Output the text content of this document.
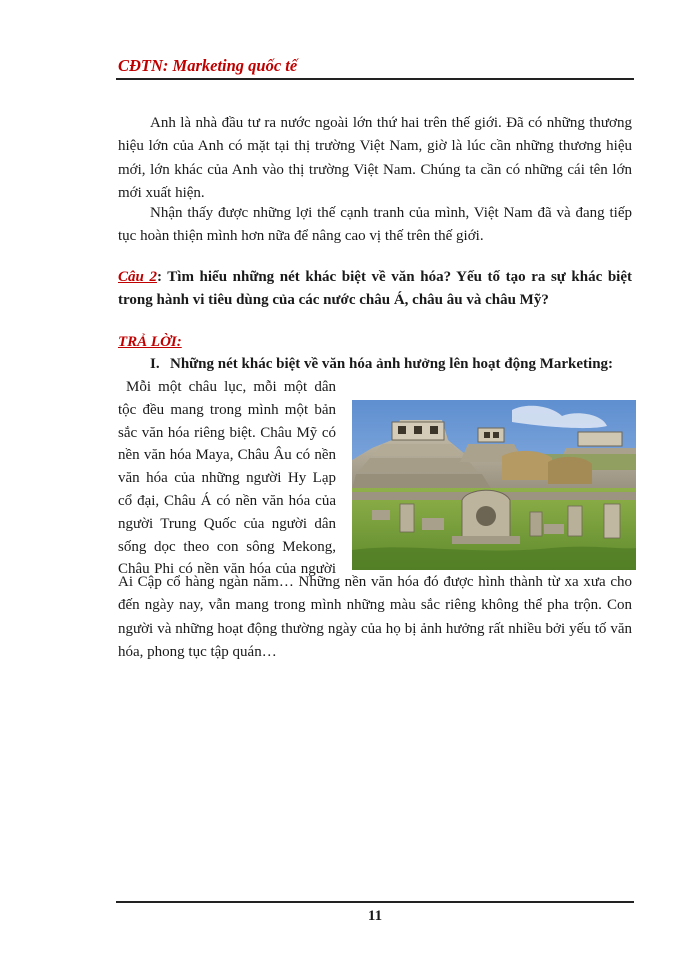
CĐTN: Marketing quốc tế

Anh là nhà đầu tư ra nước ngoài lớn thứ hai trên thế giới. Đã có những thương hiệu lớn của Anh có mặt tại thị trường Việt Nam, giờ là lúc cần những thương hiệu mới, lớn khác của Anh vào thị trường Việt Nam. Chúng ta cần có những cái tên lớn mới xuất hiện.

Nhận thấy được những lợi thế cạnh tranh của mình, Việt Nam đã và đang tiếp tục hoàn thiện mình hơn nữa để nâng cao vị thế trên thế giới.

Câu 2: Tìm hiểu những nét khác biệt về văn hóa? Yếu tố tạo ra sự khác biệt trong hành vi tiêu dùng của các nước châu Á, châu âu và châu Mỹ?

TRẢ LỜI:

I. Những nét khác biệt về văn hóa ảnh hưởng lên hoạt động Marketing:

Mỗi một châu lục, mỗi một dân tộc đều mang trong mình một bản sắc văn hóa riêng biệt. Châu Mỹ có nền văn hóa Maya, Châu Âu có nền văn hóa của những người Hy Lạp cổ đại, Châu Á có nền văn hóa của người Trung Quốc của người dân sống dọc theo con sông Mekong, Châu Phi có nền văn hóa của người

Ai Cập cổ hàng ngàn năm… Những nền văn hóa đó được hình thành từ xa xưa cho đến ngày nay, vẫn mang trong mình những màu sắc riêng không thể pha trộn. Con người và những hoạt động thường ngày của họ bị ảnh hưởng rất nhiều bởi yếu tố văn hóa, phong tục tập quán…

11
